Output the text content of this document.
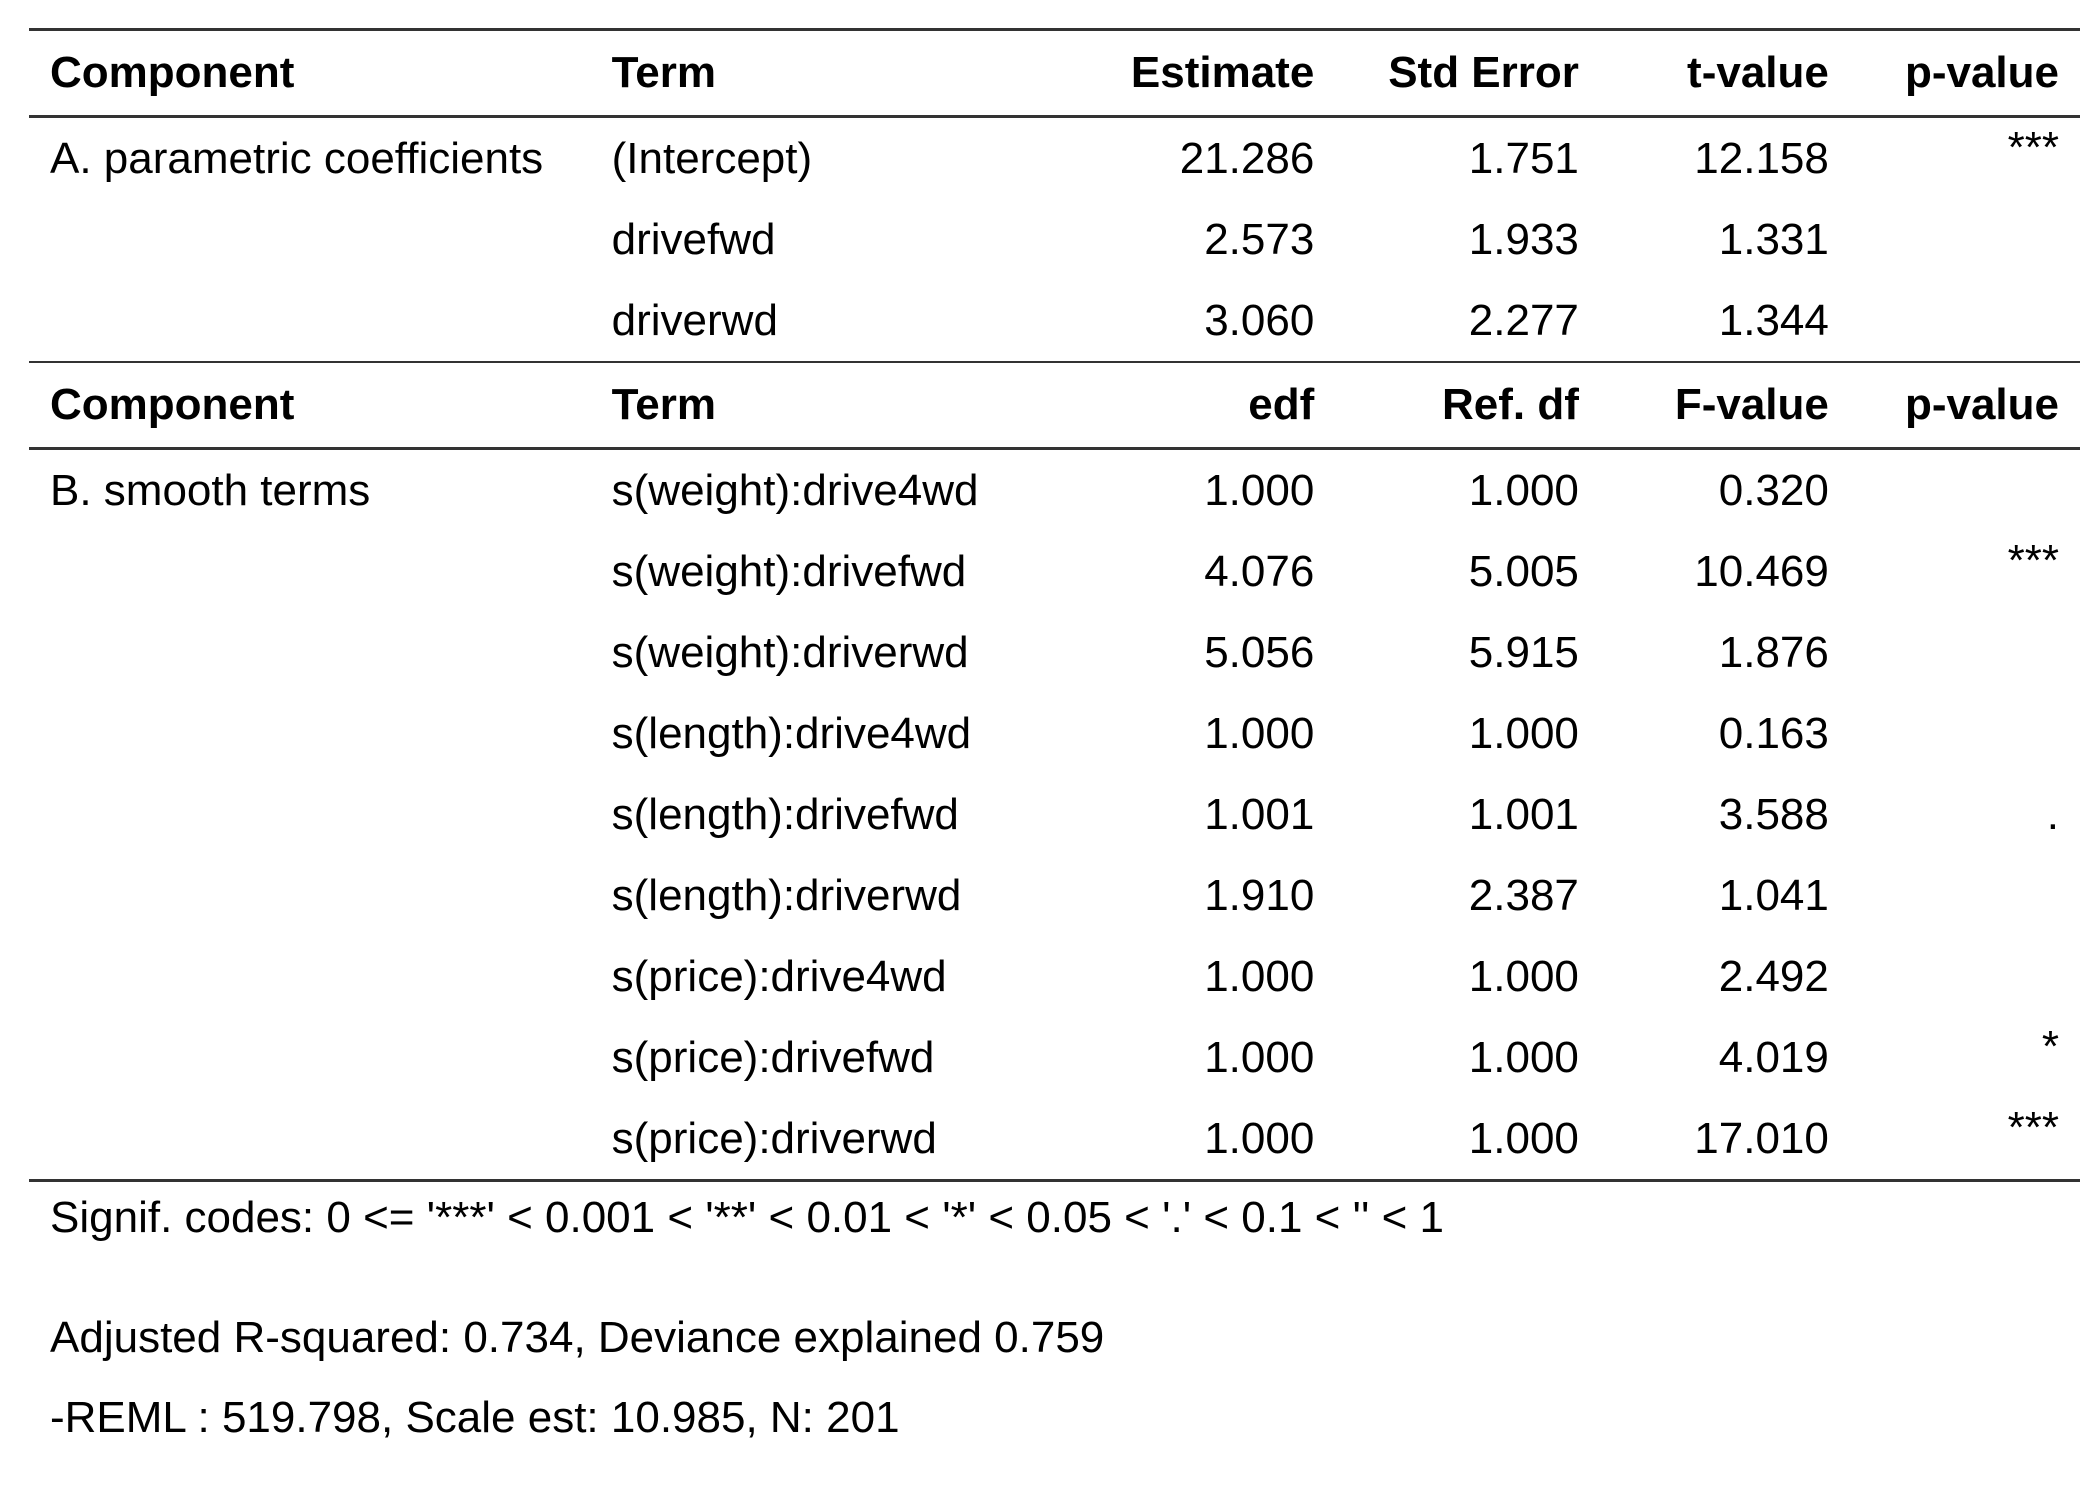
Component	Term	Estimate	Std Error	t-value	p-value
A. parametric coefficients	(Intercept)	21.286	1.751	12.158	***
	drivefwd	2.573	1.933	1.331	
	driverwd	3.060	2.277	1.344	
Component	Term	edf	Ref. df	F-value	p-value
B. smooth terms	s(weight):drive4wd	1.000	1.000	0.320	
	s(weight):drivefwd	4.076	5.005	10.469	***
	s(weight):driverwd	5.056	5.915	1.876	
	s(length):drive4wd	1.000	1.000	0.163	
	s(length):drivefwd	1.001	1.001	3.588	.
	s(length):driverwd	1.910	2.387	1.041	
	s(price):drive4wd	1.000	1.000	2.492	
	s(price):drivefwd	1.000	1.000	4.019	*
	s(price):driverwd	1.000	1.000	17.010	***
Signif. codes: 0 <= '***' < 0.001 < '**' < 0.01 < '*' < 0.05 < '.' < 0.1 < '' < 1
Adjusted R-squared: 0.734, Deviance explained 0.759
-REML : 519.798, Scale est: 10.985, N: 201
